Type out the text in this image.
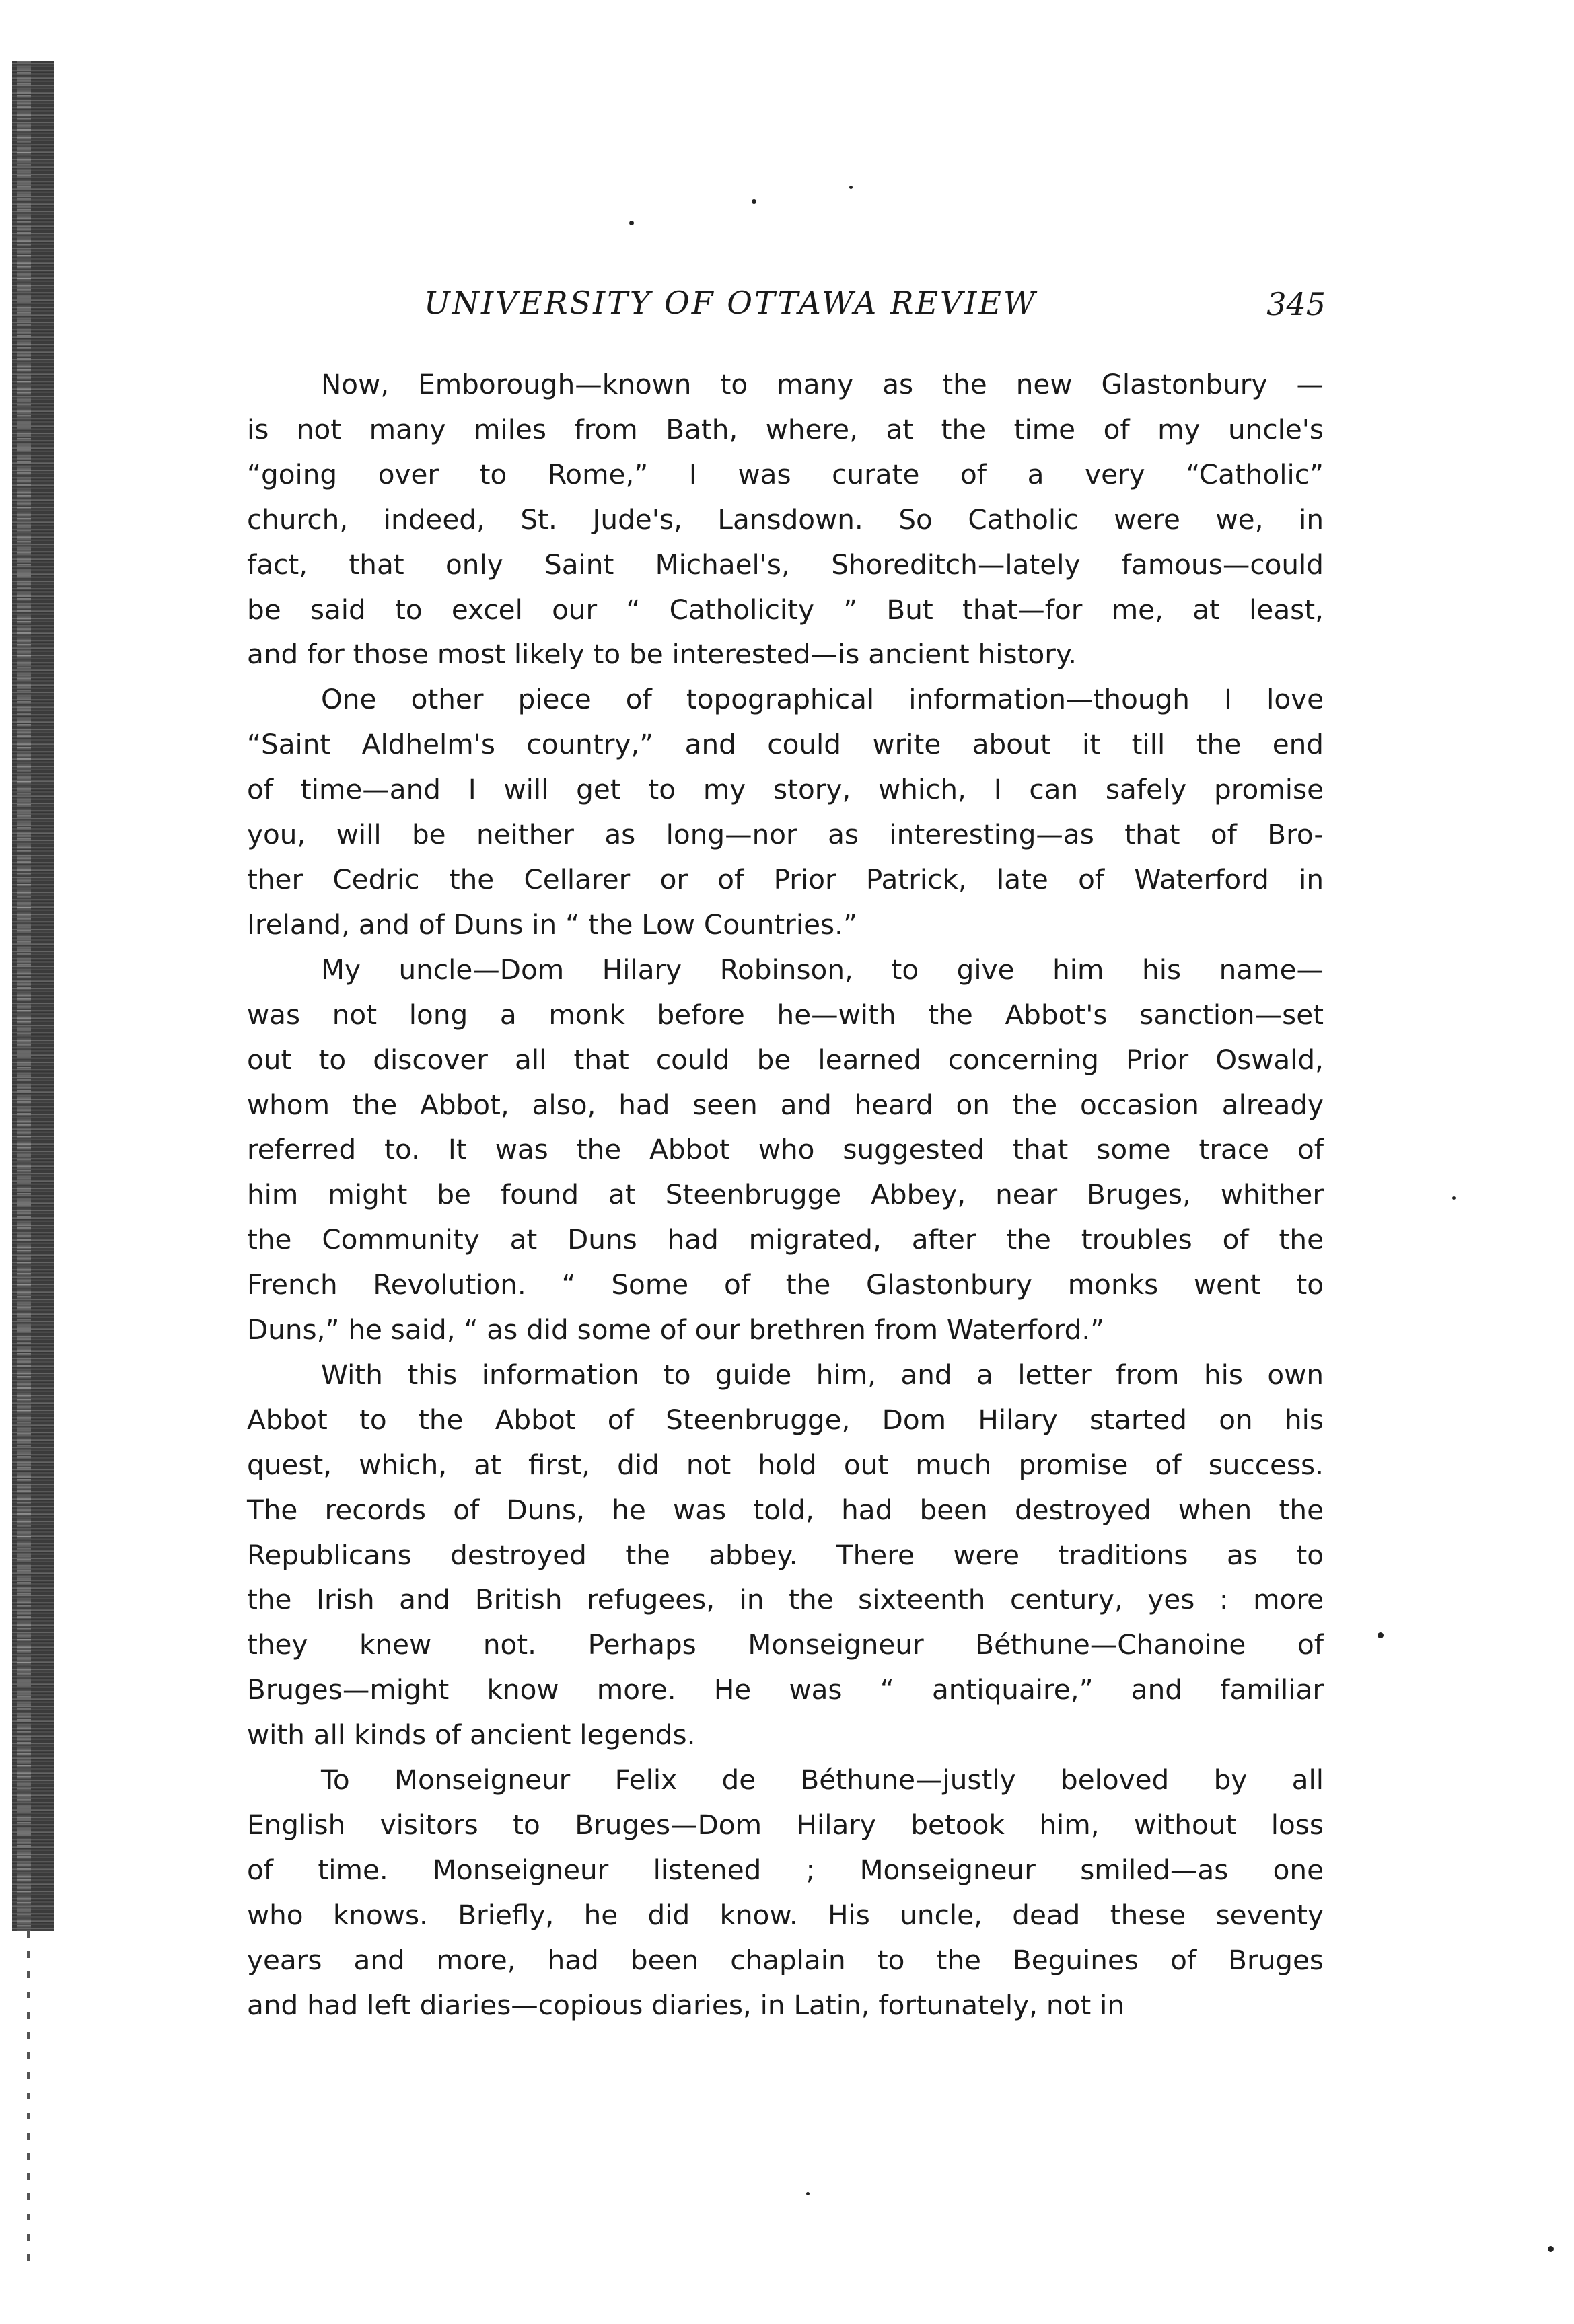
UNIVERSITY OF OTTAWA REVIEW	345

Now, Emborough—known to many as the new Glastonbury —
is not many miles from Bath, where, at the time of my uncle's
“going over to Rome,” I was curate of a very “Catholic”
church, indeed, St. Jude's, Lansdown. So Catholic were we, in
fact, that only Saint Michael's, Shoreditch—lately famous—could
be said to excel our “ Catholicity ” But that—for me, at least,
and for those most likely to be interested—is ancient history.

One other piece of topographical information—though I love
“Saint Aldhelm's country,” and could write about it till the end
of time—and I will get to my story, which, I can safely promise
you, will be neither as long—nor as interesting—as that of Bro-
ther Cedric the Cellarer or of Prior Patrick, late of Waterford in
Ireland, and of Duns in “ the Low Countries.”

My uncle—Dom Hilary Robinson, to give him his name—
was not long a monk before he—with the Abbot's sanction—set
out to discover all that could be learned concerning Prior Oswald,
whom the Abbot, also, had seen and heard on the occasion already
referred to. It was the Abbot who suggested that some trace of
him might be found at Steenbrugge Abbey, near Bruges, whither
the Community at Duns had migrated, after the troubles of the
French Revolution. “ Some of the Glastonbury monks went to
Duns,” he said, “ as did some of our brethren from Waterford.”

With this information to guide him, and a letter from his own
Abbot to the Abbot of Steenbrugge, Dom Hilary started on his
quest, which, at first, did not hold out much promise of success.
The records of Duns, he was told, had been destroyed when the
Republicans destroyed the abbey. There were traditions as to
the Irish and British refugees, in the sixteenth century, yes : more
they knew not. Perhaps Monseigneur Béthune—Chanoine of
Bruges—might know more. He was “ antiquaire,” and familiar
with all kinds of ancient legends.

To Monseigneur Felix de Béthune—justly beloved by all
English visitors to Bruges—Dom Hilary betook him, without loss
of time. Monseigneur listened ; Monseigneur smiled—as one
who knows. Briefly, he did know. His uncle, dead these seventy
years and more, had been chaplain to the Beguines of Bruges
and had left diaries—copious diaries, in Latin, fortunately, not in
